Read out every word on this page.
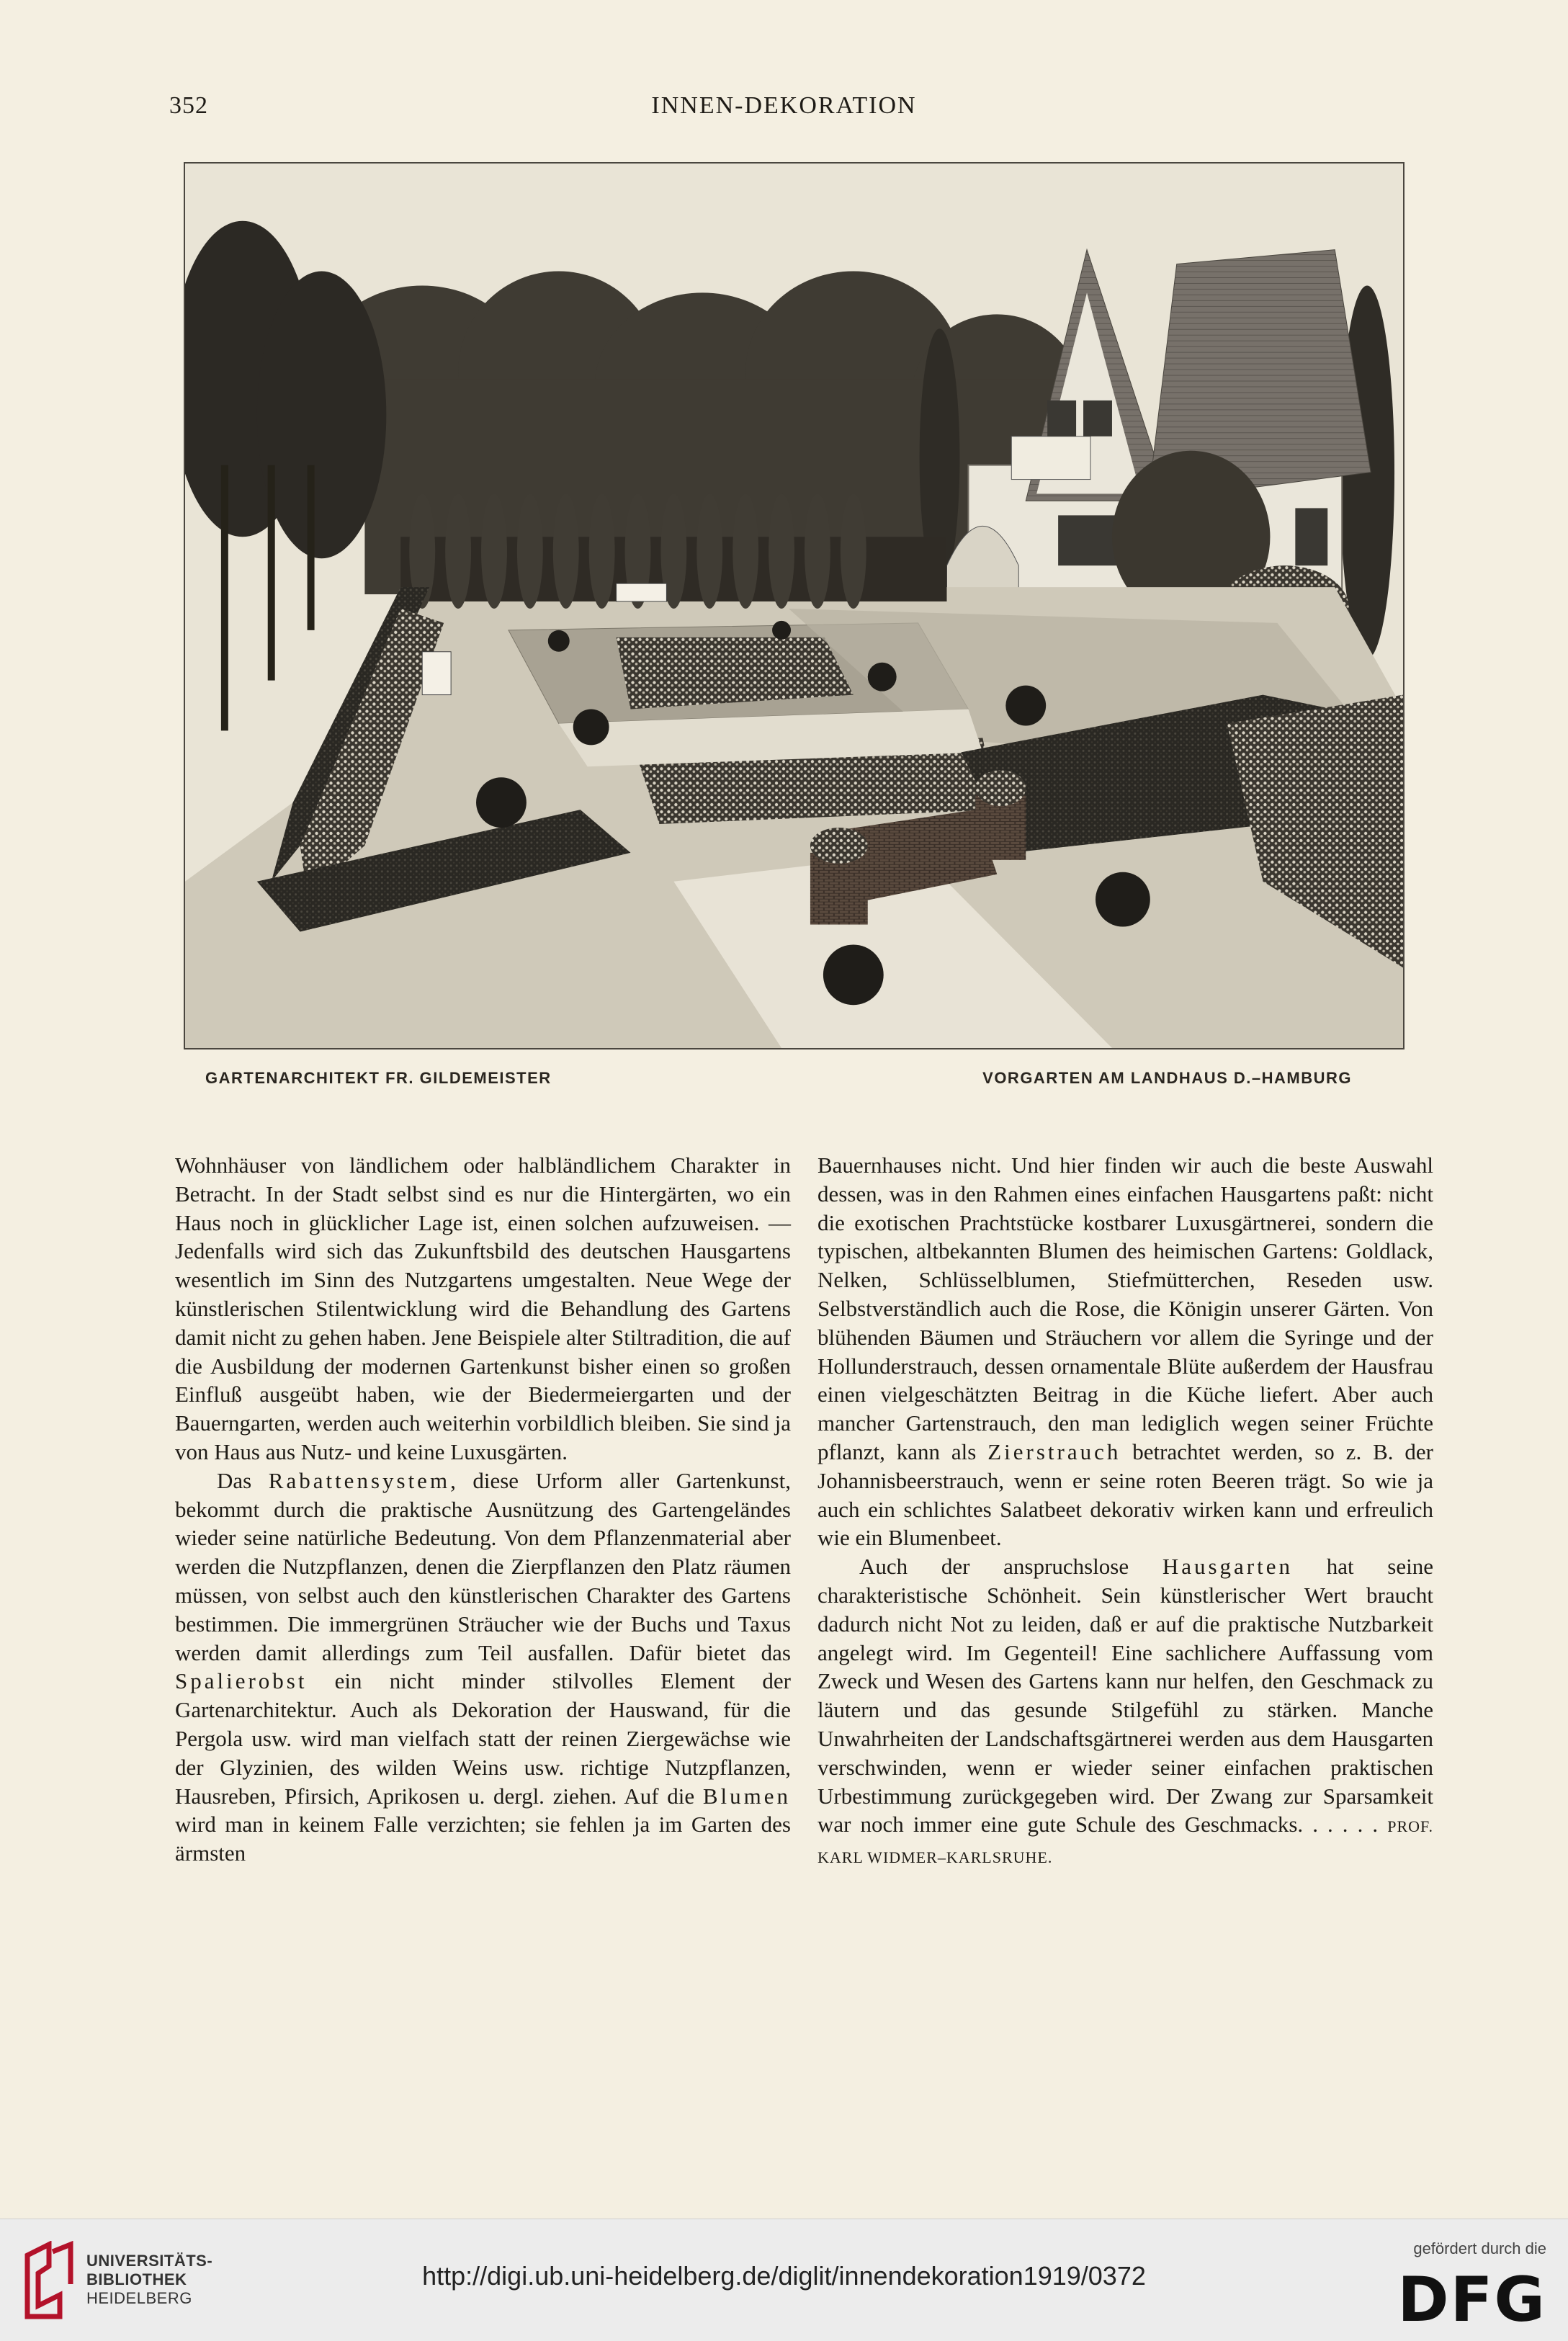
352	INNEN-DEKORATION
GARTENARCHITEKT FR. GILDEMEISTER	VORGARTEN AM LANDHAUS D.–HAMBURG

Wohnhäuser von ländlichem oder halbländlichem Charakter in Betracht. In der Stadt selbst sind es nur die Hintergärten, wo ein Haus noch in glücklicher Lage ist, einen solchen aufzuweisen. — Jedenfalls wird sich das Zukunftsbild des deutschen Hausgartens wesentlich im Sinn des Nutzgartens umgestalten. Neue Wege der künstlerischen Stilentwicklung wird die Behandlung des Gartens damit nicht zu gehen haben. Jene Beispiele alter Stiltradition, die auf die Ausbildung der modernen Gartenkunst bisher einen so großen Einfluß ausgeübt haben, wie der Biedermeiergarten und der Bauerngarten, werden auch weiterhin vorbildlich bleiben. Sie sind ja von Haus aus Nutz- und keine Luxusgärten.

Das Rabattensystem, diese Urform aller Gartenkunst, bekommt durch die praktische Ausnützung des Gartengeländes wieder seine natürliche Bedeutung. Von dem Pflanzenmaterial aber werden die Nutzpflanzen, denen die Zierpflanzen den Platz räumen müssen, von selbst auch den künstlerischen Charakter des Gartens bestimmen. Die immergrünen Sträucher wie der Buchs und Taxus werden damit allerdings zum Teil ausfallen. Dafür bietet das Spalierobst ein nicht minder stilvolles Element der Gartenarchitektur. Auch als Dekoration der Hauswand, für die Pergola usw. wird man vielfach statt der reinen Ziergewächse wie der Glyzinien, des wilden Weins usw. richtige Nutzpflanzen, Hausreben, Pfirsich, Aprikosen u. dergl. ziehen. Auf die Blumen wird man in keinem Falle verzichten; sie fehlen ja im Garten des ärmsten

Bauernhauses nicht. Und hier finden wir auch die beste Auswahl dessen, was in den Rahmen eines einfachen Hausgartens paßt: nicht die exotischen Prachtstücke kostbarer Luxusgärtnerei, sondern die typischen, altbekannten Blumen des heimischen Gartens: Goldlack, Nelken, Schlüsselblumen, Stiefmütterchen, Reseden usw. Selbstverständlich auch die Rose, die Königin unserer Gärten. Von blühenden Bäumen und Sträuchern vor allem die Syringe und der Hollunderstrauch, dessen ornamentale Blüte außerdem der Hausfrau einen vielgeschätzten Beitrag in die Küche liefert. Aber auch mancher Gartenstrauch, den man lediglich wegen seiner Früchte pflanzt, kann als Zierstrauch betrachtet werden, so z. B. der Johannisbeerstrauch, wenn er seine roten Beeren trägt. So wie ja auch ein schlichtes Salatbeet dekorativ wirken kann und erfreulich wie ein Blumenbeet.

Auch der anspruchslose Hausgarten hat seine charakteristische Schönheit. Sein künstlerischer Wert braucht dadurch nicht Not zu leiden, daß er auf die praktische Nutzbarkeit angelegt wird. Im Gegenteil! Eine sachlichere Auffassung vom Zweck und Wesen des Gartens kann nur helfen, den Geschmack zu läutern und das gesunde Stilgefühl zu stärken. Manche Unwahrheiten der Landschaftsgärtnerei werden aus dem Hausgarten verschwinden, wenn er wieder seiner einfachen praktischen Urbestimmung zurückgegeben wird. Der Zwang zur Sparsamkeit war noch immer eine gute Schule des Geschmacks. . . . . . PROF. KARL WIDMER–KARLSRUHE.

UNIVERSITÄTS-
BIBLIOTHEK
HEIDELBERG
http://digi.ub.uni-heidelberg.de/diglit/innendekoration1919/0372
gefördert durch die
DFG
